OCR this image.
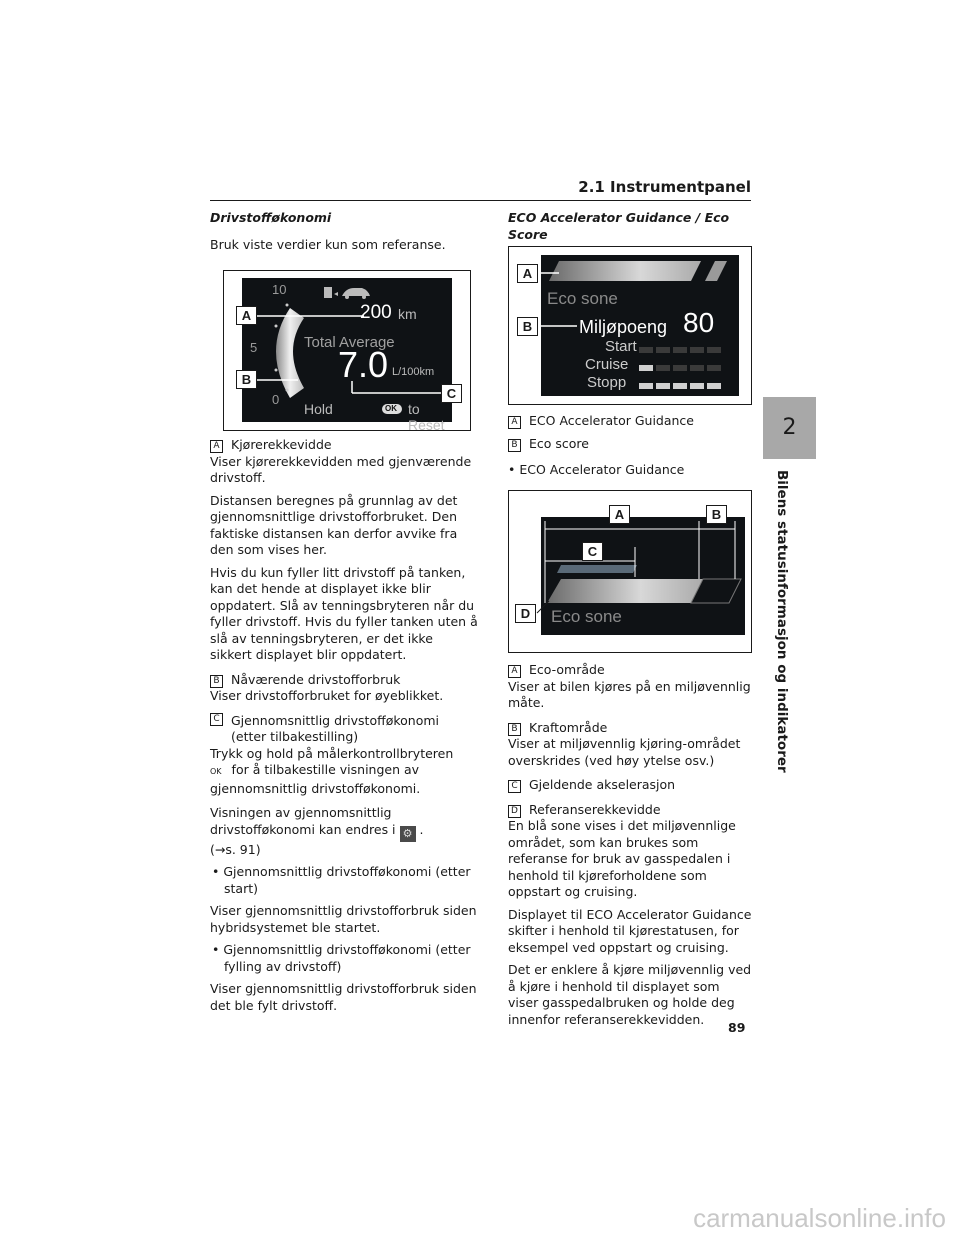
2.1 Instrumentpanel
2
Bilens statusinformasjon og indikatorer

Drivstofføkonomi

Bruk viste verdier kun som referanse.

10
5
0
200 km
Total Average
7.0 L/100km
Hold	OK to Reset
A
B
C

A Kjørerekkevidde

Viser kjørerekkevidden med gjenværende drivstoff.

Distansen beregnes på grunnlag av det gjennomsnittlige drivstofforbruket. Den faktiske distansen kan derfor avvike fra den som vises her.

Hvis du kun fyller litt drivstoff på tanken, kan det hende at displayet ikke blir oppdatert. Slå av tenningsbryteren når du fyller drivstoff. Hvis du fyller tanken uten å slå av tenningsbryteren, er det ikke sikkert displayet blir oppdatert.

B Nåværende drivstofforbruk

Viser drivstofforbruket for øyeblikket.

C Gjennomsnittlig drivstofføkonomi (etter tilbakestilling)

Trykk og hold på målerkontrollbryteren
OK for å tilbakestille visningen av gjennomsnittlig drivstofføkonomi.

Visningen av gjennomsnittlig drivstofføkonomi kan endres i ⚙ .
(→s. 91)

• Gjennomsnittlig drivstofføkonomi (etter start)

Viser gjennomsnittlig drivstofforbruk siden hybridsystemet ble startet.

• Gjennomsnittlig drivstofføkonomi (etter fylling av drivstoff)

Viser gjennomsnittlig drivstofforbruk siden det ble fylt drivstoff.

ECO Accelerator Guidance / Eco Score

Eco sone
Miljøpoeng 80
Start
Cruise
Stopp
A
B

A ECO Accelerator Guidance

B Eco score

• ECO Accelerator Guidance

Eco sone
A	B
C
D

A Eco-område

Viser at bilen kjøres på en miljøvennlig måte.

B Kraftområde

Viser at miljøvennlig kjøring-området overskrides (ved høy ytelse osv.)

C Gjeldende akselerasjon

D Referanserekkevidde

En blå sone vises i det miljøvennlige området, som kan brukes som referanse for bruk av gasspedalen i henhold til kjøreforholdene som oppstart og cruising.

Displayet til ECO Accelerator Guidance skifter i henhold til kjørestatusen, for eksempel ved oppstart og cruising.

Det er enklere å kjøre miljøvennlig ved å kjøre i henhold til displayet som viser gasspedalbruken og holde deg innenfor referanserekkevidden.

89
carmanualsonline.info
